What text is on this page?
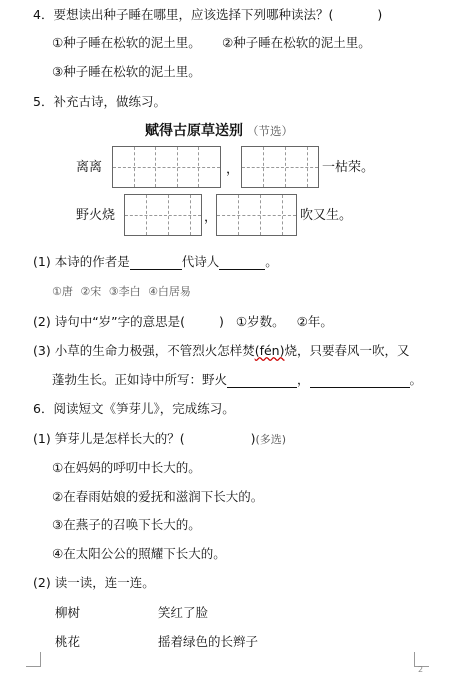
4．要想读出种子睡在哪里，应该选择下列哪种读法？(	)
①种子睡在松软的泥土里。 ②种子睡在松软的泥土里。
③种子睡在松软的泥土里。
5．补充古诗，做练习。
赋得古原草送别 （节选）
离离	，	一枯荣。
野火烧	，	吹又生。
(1) 本诗的作者是	代诗人	。
①唐 ②宋 ③李白 ④白居易
(2) 诗句中“岁”字的意思是(	) ①岁数。 ②年。
(3) 小草的生命力极强，不管烈火怎样焚(fén)烧，只要春风一吹，又
蓬勃生长。正如诗中所写：野火	，	。
6．阅读短文《笋芽儿》，完成练习。
(1) 笋芽儿是怎样长大的？(	)(多选)
①在妈妈的呼叨中长大的。
②在春雨姑娘的爱抚和滋润下长大的。
③在燕子的召唤下长大的。
④在太阳公公的照耀下长大的。
(2) 读一读，连一连。
柳树	笑红了脸
桃花	摇着绿色的长辫子
2
